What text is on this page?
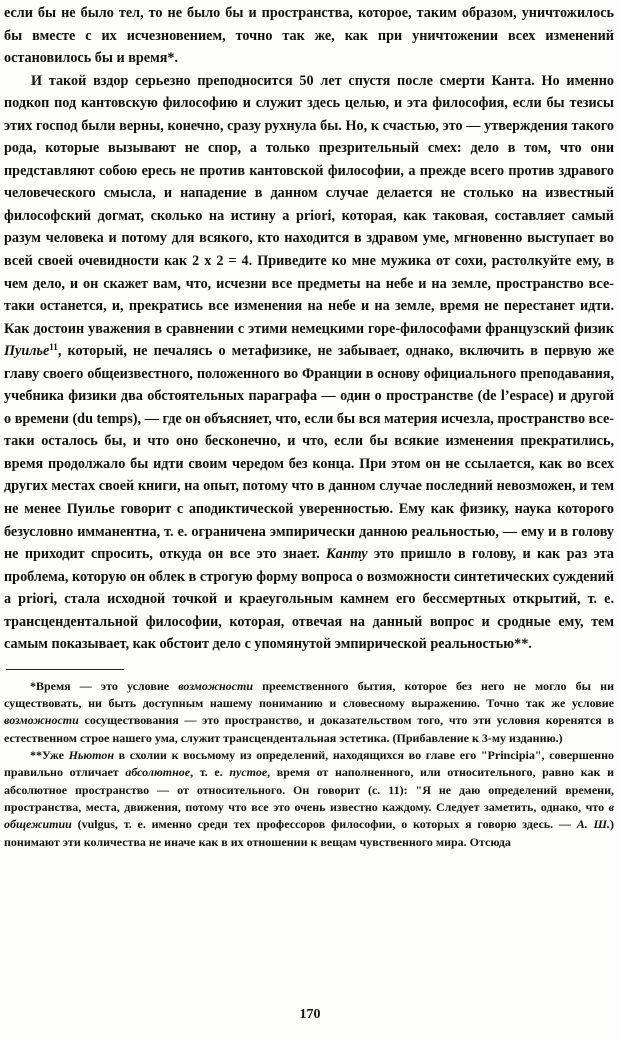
если бы не было тел, то не было бы и пространства, которое, таким образом, уничтожилось бы вместе с их исчезновением, точно так же, как при уничтожении всех изменений остановилось бы и время*.

И такой вздор серьезно преподносится 50 лет спустя после смерти Канта. Но именно подкоп под кантовскую философию и служит здесь целью, и эта философия, если бы тезисы этих господ были верны, конечно, сразу рухнула бы. Но, к счастью, это — утверждения такого рода, которые вызывают не спор, а только презрительный смех: дело в том, что они представляют собою ересь не против кантовской философии, а прежде всего против здравого человеческого смысла, и нападение в данном случае делается не столько на известный философский догмат, сколько на истину a priori, которая, как таковая, составляет самый разум человека и потому для всякого, кто находится в здравом уме, мгновенно выступает во всей своей очевидности как 2 x 2 = 4. Приведите ко мне мужика от сохи, растолкуйте ему, в чем дело, и он скажет вам, что, исчезни все предметы на небе и на земле, пространство все-таки останется, и, прекратись все изменения на небе и на земле, время не перестанет идти. Как достоин уважения в сравнении с этими немецкими горе-философами французский физик Пуилье$^{11}$, который, не печалясь о метафизике, не забывает, однако, включить в первую же главу своего общеизвестного, положенного во Франции в основу официального преподавания, учебника физики два обстоятельных параграфа — один о пространстве (de l’espace) и другой о времени (du temps), — где он объясняет, что, если бы вся материя исчезла, пространство все-таки осталось бы, и что оно бесконечно, и что, если бы всякие изменения прекратились, время продолжало бы идти своим чередом без конца. При этом он не ссылается, как во всех других местах своей книги, на опыт, потому что в данном случае последний невозможен, и тем не менее Пуилье говорит с аподиктической уверенностью. Ему как физику, наука которого безусловно имманентна, т. е. ограничена эмпирически данною реальностью, — ему и в голову не приходит спросить, откуда он все это знает. Канту это пришло в голову, и как раз эта проблема, которую он облек в строгую форму вопроса о возможности синтетических суждений a priori, стала исходной точкой и краеугольным камнем его бессмертных открытий, т. е. трансцендентальной философии, которая, отвечая на данный вопрос и сродные ему, тем самым показывает, как обстоит дело с упомянутой эмпирической реальностью**.

*Время — это условие возможности преемственного бытия, которое без него не могло бы ни существовать, ни быть доступным нашему пониманию и словесному выражению. Точно так же условие возможности сосуществования — это пространство, и доказательством того, что эти условия коренятся в естественном строе нашего ума, служит трансцендентальная эстетика. (Прибавление к 3-му изданию.)

**Уже Ньютон в схолии к восьмому из определений, находящихся во главе его "Principia", совершенно правильно отличает абсолютное, т. е. пустое, время от наполненного, или относительного, равно как и абсолютное пространство — от относительного. Он говорит (с. 11): "Я не даю определений времени, пространства, места, движения, потому что все это очень известно каждому. Следует заметить, однако, что в общежитии (vulgus, т. е. именно среди тех профессоров философии, о которых я говорю здесь. — А. Ш.) понимают эти количества не иначе как в их отношении к вещам чувственного мира. Отсюда

170
